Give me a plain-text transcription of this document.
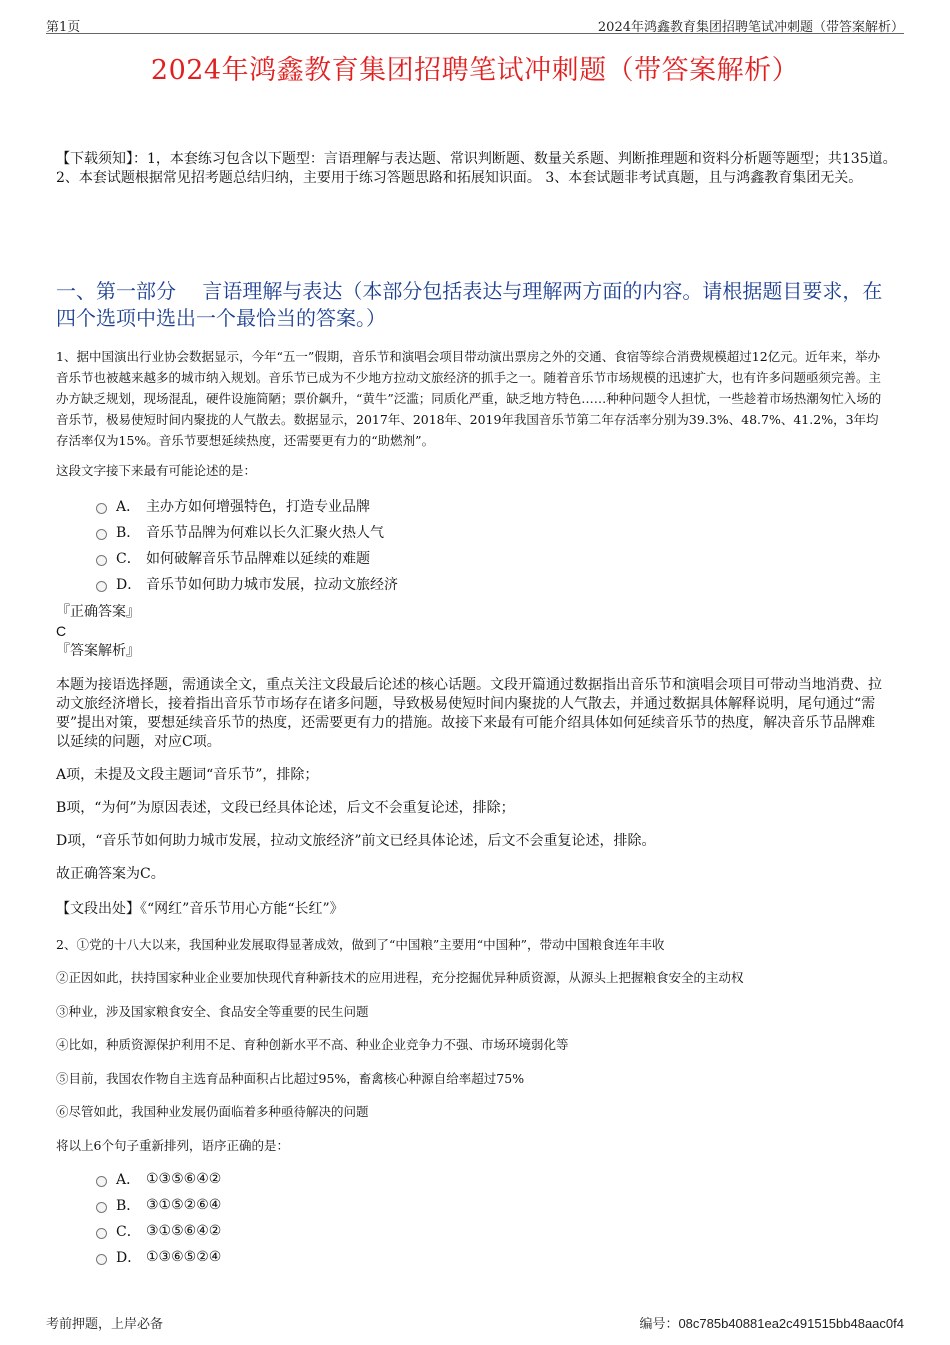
第1页	2024年鸿鑫教育集团招聘笔试冲刺题（带答案解析）
2024年鸿鑫教育集团招聘笔试冲刺题（带答案解析）
【下载须知】：1，本套练习包含以下题型：言语理解与表达题、常识判断题、数量关系题、判断推理题和资料分析题等题型；共135道。 2、本套试题根据常见招考题总结归纳，主要用于练习答题思路和拓展知识面。 3、本套试题非考试真题，且与鸿鑫教育集团无关。
一、第一部分　 言语理解与表达（本部分包括表达与理解两方面的内容。请根据题目要求，在四个选项中选出一个最恰当的答案。）
1、据中国演出行业协会数据显示，今年“五一”假期，音乐节和演唱会项目带动演出票房之外的交通、食宿等综合消费规模超过12亿元。近年来，举办音乐节也被越来越多的城市纳入规划。音乐节已成为不少地方拉动文旅经济的抓手之一。随着音乐节市场规模的迅速扩大，也有许多问题亟须完善。主办方缺乏规划，现场混乱，硬件设施简陋；票价飙升，“黄牛”泛滥；同质化严重，缺乏地方特色……种种问题令人担忧，一些趁着市场热潮匆忙入场的音乐节，极易使短时间内聚拢的人气散去。数据显示，2017年、2018年、2019年我国音乐节第二年存活率分别为39.3%、48.7%、41.2%，3年均存活率仅为15%。音乐节要想延续热度，还需要更有力的“助燃剂”。
这段文字接下来最有可能论述的是：
A． 主办方如何增强特色，打造专业品牌
B． 音乐节品牌为何难以长久汇聚火热人气
C． 如何破解音乐节品牌难以延续的难题
D． 音乐节如何助力城市发展，拉动文旅经济
『正确答案』
C
『答案解析』
本题为接语选择题，需通读全文，重点关注文段最后论述的核心话题。文段开篇通过数据指出音乐节和演唱会项目可带动当地消费、拉动文旅经济增长，接着指出音乐节市场存在诸多问题，导致极易使短时间内聚拢的人气散去，并通过数据具体解释说明，尾句通过“需要”提出对策，要想延续音乐节的热度，还需要更有力的措施。故接下来最有可能介绍具体如何延续音乐节的热度，解决音乐节品牌难以延续的问题，对应C项。
A项，未提及文段主题词“音乐节”，排除；
B项，“为何”为原因表述，文段已经具体论述，后文不会重复论述，排除；
D项，“音乐节如何助力城市发展，拉动文旅经济”前文已经具体论述，后文不会重复论述，排除。
故正确答案为C。
【文段出处】《“网红”音乐节用心方能“长红”》
2、①党的十八大以来，我国种业发展取得显著成效，做到了“中国粮”主要用“中国种”，带动中国粮食连年丰收
②正因如此，扶持国家种业企业要加快现代育种新技术的应用进程，充分挖掘优异种质资源，从源头上把握粮食安全的主动权
③种业，涉及国家粮食安全、食品安全等重要的民生问题
④比如，种质资源保护利用不足、育种创新水平不高、种业企业竞争力不强、市场环境弱化等
⑤目前，我国农作物自主选育品种面积占比超过95%，畜禽核心种源自给率超过75%
⑥尽管如此，我国种业发展仍面临着多种亟待解决的问题
将以上6个句子重新排列，语序正确的是：
A． ①③⑤⑥④②
B． ③①⑤②⑥④
C． ③①⑤⑥④②
D． ①③⑥⑤②④
考前押题，上岸必备	编号：08c785b40881ea2c491515bb48aac0f4
